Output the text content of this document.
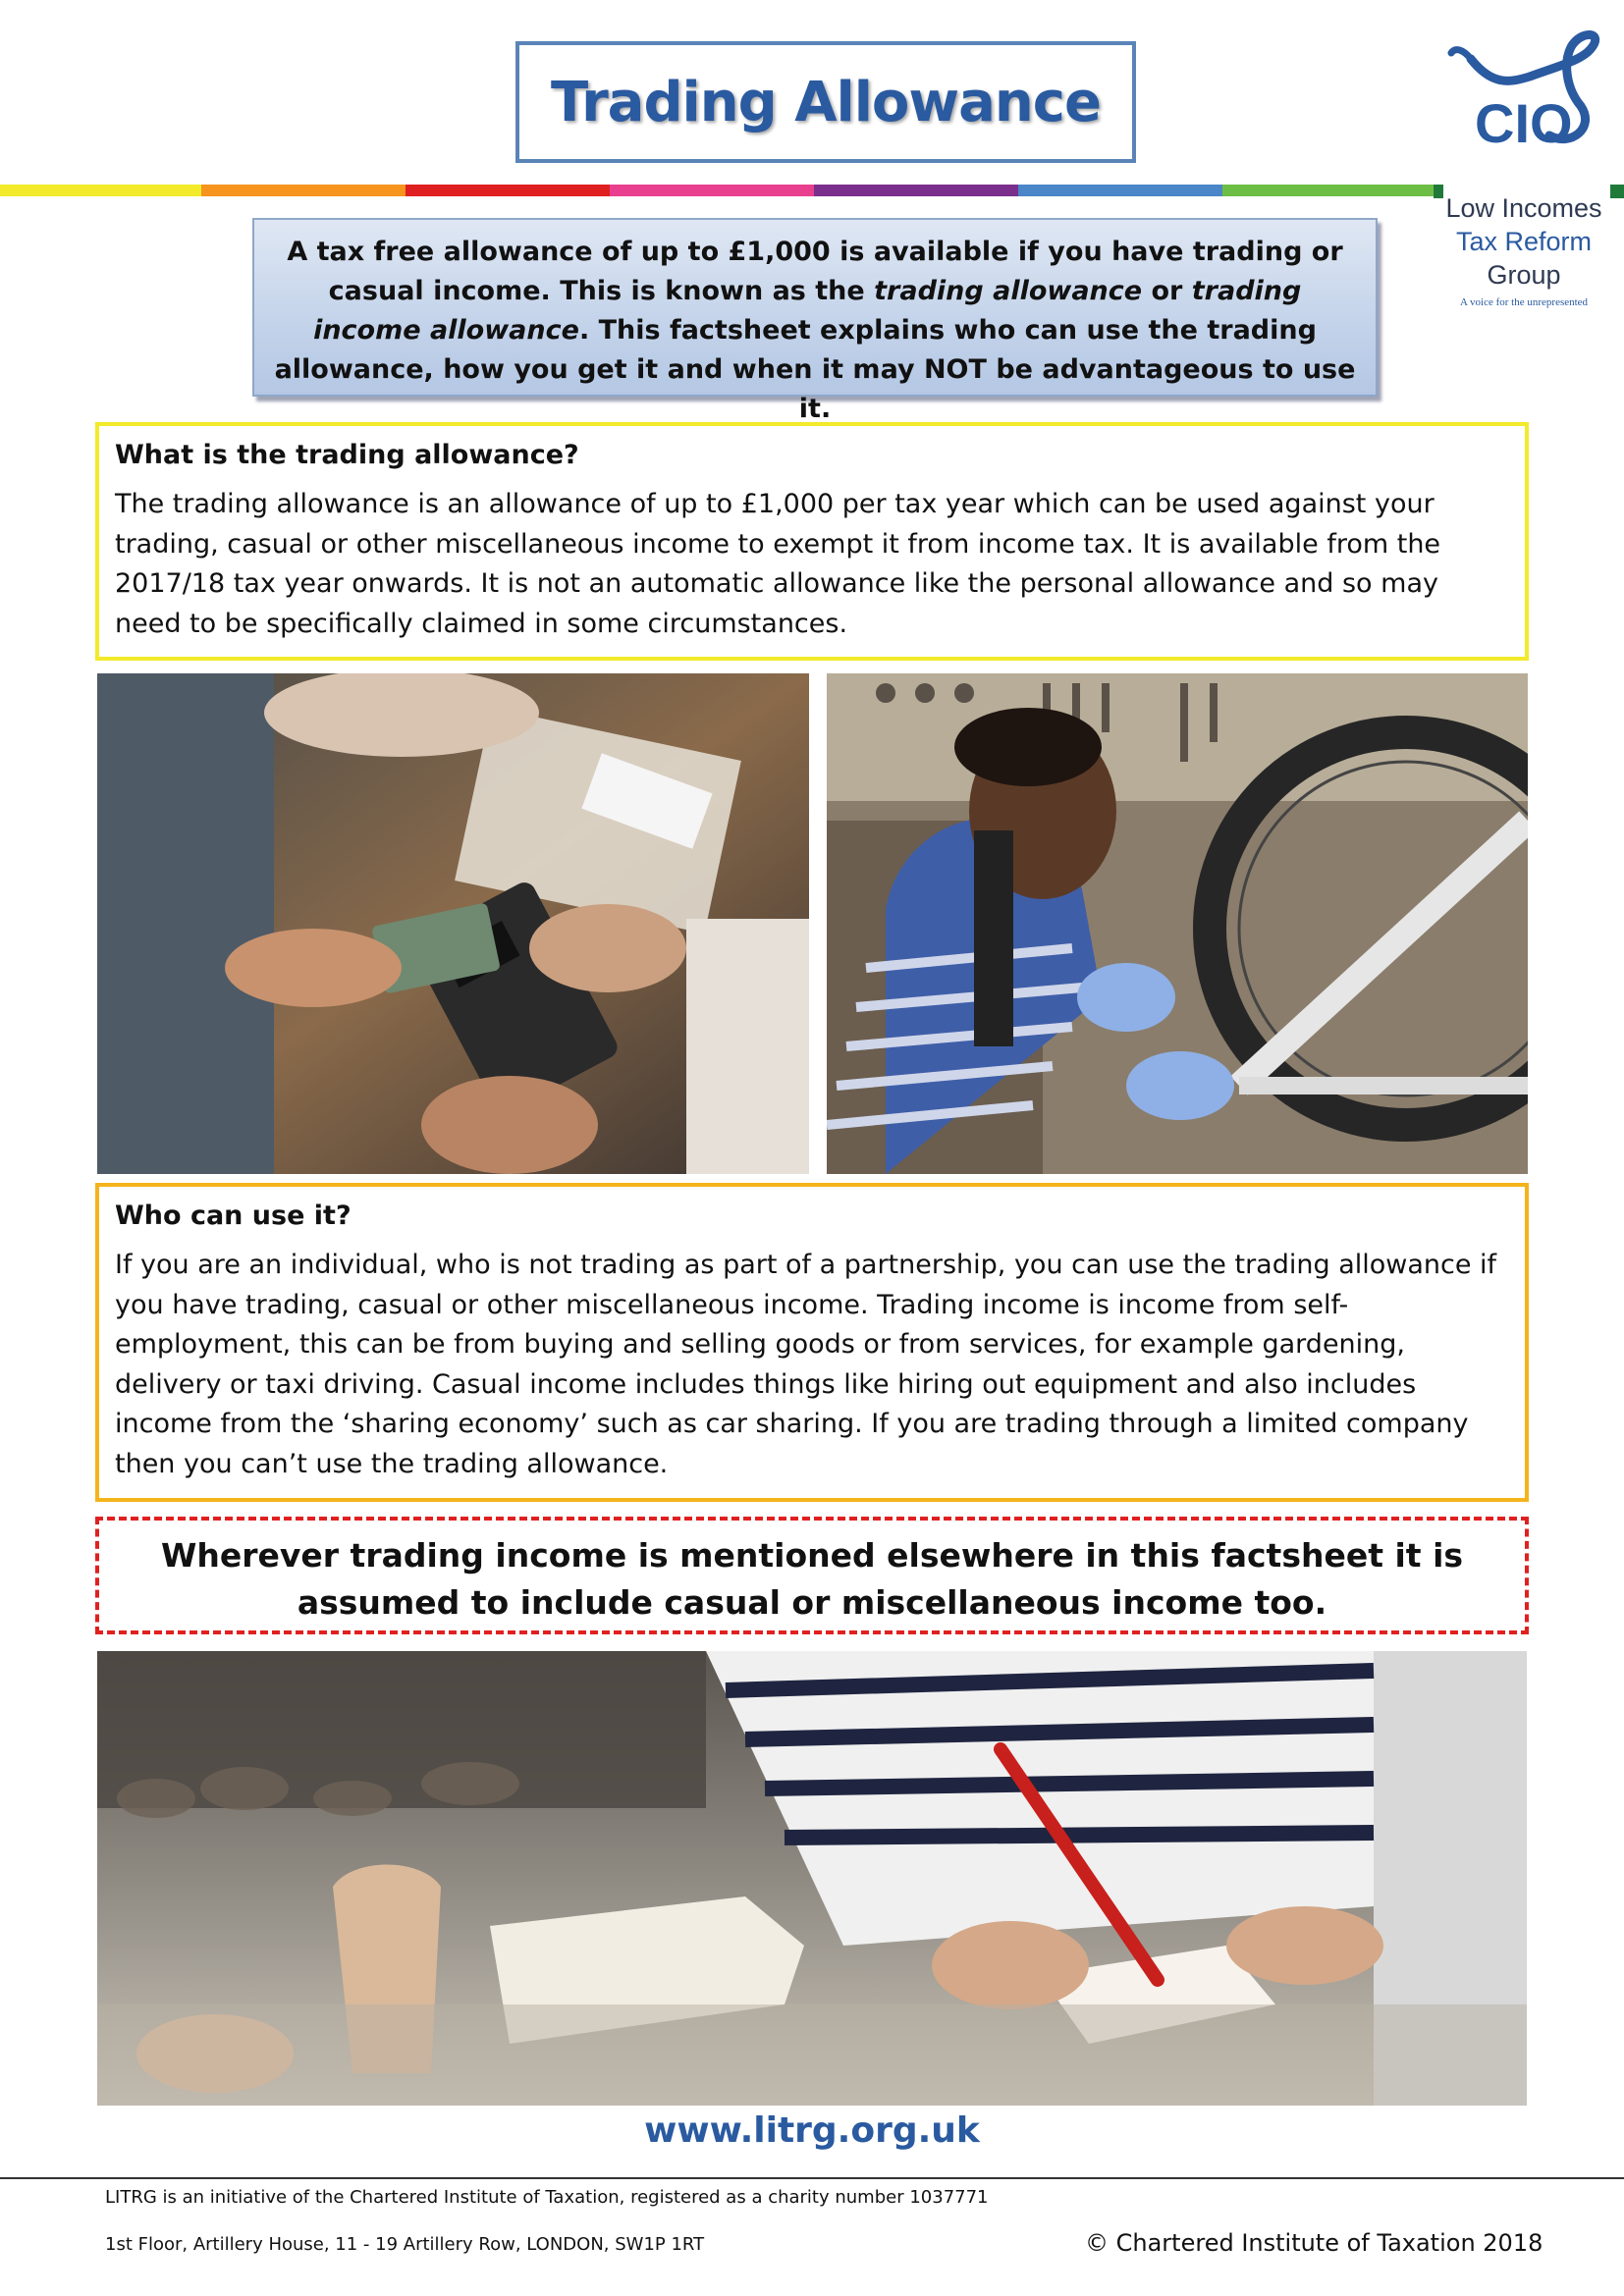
Trading Allowance	CIO
Low Incomes
Tax Reform
Group
A voice for the unrepresented
A tax free allowance of up to £1,000 is available if you have trading or casual income. This is known as the trading allowance or trading income allowance. This factsheet explains who can use the trading allowance, how you get it and when it may NOT be advantageous to use it.
What is the trading allowance?

The trading allowance is an allowance of up to £1,000 per tax year which can be used against your trading, casual or other miscellaneous income to exempt it from income tax. It is available from the 2017/18 tax year onwards. It is not an automatic allowance like the personal allowance and so may need to be specifically claimed in some circumstances.

Who can use it?

If you are an individual, who is not trading as part of a partnership, you can use the trading allowance if you have trading, casual or other miscellaneous income. Trading income is income from self-employment, this can be from buying and selling goods or from services, for example gardening, delivery or taxi driving. Casual income includes things like hiring out equipment and also includes income from the ‘sharing economy’ such as car sharing. If you are trading through a limited company then you can’t use the trading allowance.

Wherever trading income is mentioned elsewhere in this factsheet it is assumed to include casual or miscellaneous income too.
www.litrg.org.uk
LITRG is an initiative of the Chartered Institute of Taxation, registered as a charity number 1037771
1st Floor, Artillery House, 11 - 19 Artillery Row, LONDON, SW1P 1RT	© Chartered Institute of Taxation 2018
